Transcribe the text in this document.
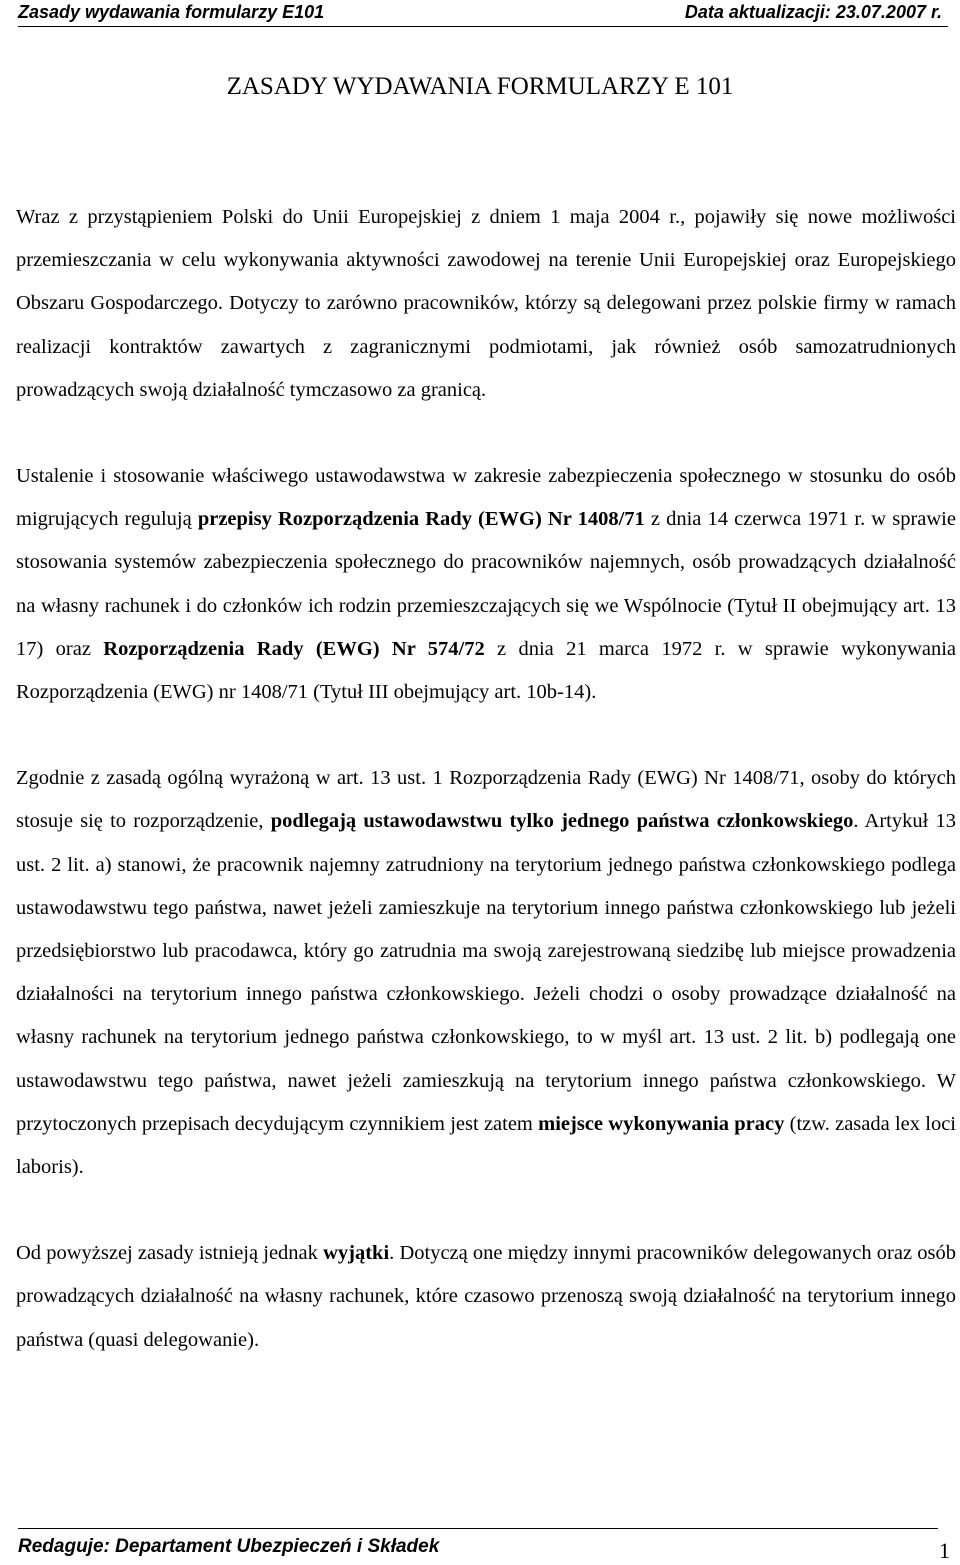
Zasady wydawania formularzy E101	Data aktualizacji: 23.07.2007 r.
ZASADY WYDAWANIA FORMULARZY E 101

Wraz z przystąpieniem Polski do Unii Europejskiej z dniem 1 maja 2004 r., pojawiły się nowe możliwości przemieszczania w celu wykonywania aktywności zawodowej na terenie Unii Europejskiej oraz Europejskiego Obszaru Gospodarczego. Dotyczy to zarówno pracowników, którzy są delegowani przez polskie firmy w ramach realizacji kontraktów zawartych z zagranicznymi podmiotami, jak również osób samozatrudnionych prowadzących swoją działalność tymczasowo za granicą.

Ustalenie i stosowanie właściwego ustawodawstwa w zakresie zabezpieczenia społecznego w stosunku do osób migrujących regulują przepisy Rozporządzenia Rady (EWG) Nr 1408/71 z dnia 14 czerwca 1971 r. w sprawie stosowania systemów zabezpieczenia społecznego do pracowników najemnych, osób prowadzących działalność na własny rachunek i do członków ich rodzin przemieszczających się we Wspólnocie (Tytuł II obejmujący art. 13 17) oraz Rozporządzenia Rady (EWG) Nr 574/72 z dnia 21 marca 1972 r. w sprawie wykonywania Rozporządzenia (EWG) nr 1408/71 (Tytuł III obejmujący art. 10b-14).

Zgodnie z zasadą ogólną wyrażoną w art. 13 ust. 1 Rozporządzenia Rady (EWG) Nr 1408/71, osoby do których stosuje się to rozporządzenie, podlegają ustawodawstwu tylko jednego państwa członkowskiego. Artykuł 13 ust. 2 lit. a) stanowi, że pracownik najemny zatrudniony na terytorium jednego państwa członkowskiego podlega ustawodawstwu tego państwa, nawet jeżeli zamieszkuje na terytorium innego państwa członkowskiego lub jeżeli przedsiębiorstwo lub pracodawca, który go zatrudnia ma swoją zarejestrowaną siedzibę lub miejsce prowadzenia działalności na terytorium innego państwa członkowskiego. Jeżeli chodzi o osoby prowadzące działalność na własny rachunek na terytorium jednego państwa członkowskiego, to w myśl art. 13 ust. 2 lit. b) podlegają one ustawodawstwu tego państwa, nawet jeżeli zamieszkują na terytorium innego państwa członkowskiego. W przytoczonych przepisach decydującym czynnikiem jest zatem miejsce wykonywania pracy (tzw. zasada lex loci laboris).

Od powyższej zasady istnieją jednak wyjątki. Dotyczą one między innymi pracowników delegowanych oraz osób prowadzących działalność na własny rachunek, które czasowo przenoszą swoją działalność na terytorium innego państwa (quasi delegowanie).

Redaguje: Departament Ubezpieczeń i Składek	1
